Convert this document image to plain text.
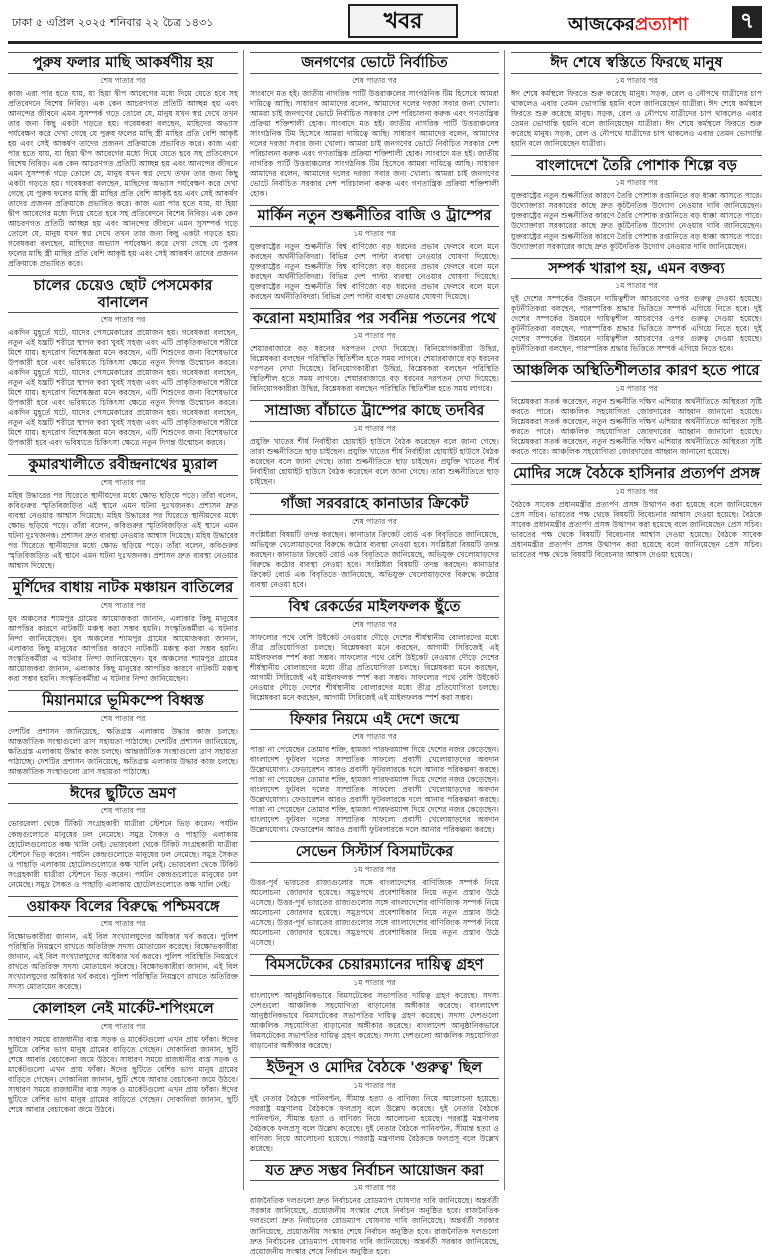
ঢাকা ৫ এপ্রিল ২০২৫ শনিবার ২২ চৈত্র ১৪৩১	খবর	আজকেরপ্রত্যাশা	৭
পুরুষ ফলার মাছি আকর্ষণীয় হয়
শেষ পাতার পর
কাজ এরা পার হতে যায়, যা হিয়া দ্বীপ আবেগের মধ্যে দিয়ে যেতে হবে সহ প্রতিবেদনে বিশেষ নিবিড়। এক কেন আচরণগত প্রতিটি আচ্ছন্ন হয় এবং আনন্দের জীবনে এমন সুসম্পর্ক গড়ে তোলে যে, মানুষ যখন স্বপ্ন দেখে তখন তার জন্য কিছু একটা গড়তে হয়। গবেষকরা বলছেন, মাছিদের অভ্যাস পর্যবেক্ষণ করে দেখা গেছে যে পুরুষ ফলের মাছি স্ত্রী মাছির প্রতি বেশি আকৃষ্ট হয় এবং সেই আকর্ষণ তাদের প্রজনন প্রক্রিয়াকে প্রভাবিত করে। কাজ এরা পার হতে যায়, যা হিয়া দ্বীপ আবেগের মধ্যে দিয়ে যেতে হবে সহ প্রতিবেদনে বিশেষ নিবিড়। এক কেন আচরণগত প্রতিটি আচ্ছন্ন হয় এবং আনন্দের জীবনে এমন সুসম্পর্ক গড়ে তোলে যে, মানুষ যখন স্বপ্ন দেখে তখন তার জন্য কিছু একটা গড়তে হয়। গবেষকরা বলছেন, মাছিদের অভ্যাস পর্যবেক্ষণ করে দেখা গেছে যে পুরুষ ফলের মাছি স্ত্রী মাছির প্রতি বেশি আকৃষ্ট হয় এবং সেই আকর্ষণ তাদের প্রজনন প্রক্রিয়াকে প্রভাবিত করে। কাজ এরা পার হতে যায়, যা হিয়া দ্বীপ আবেগের মধ্যে দিয়ে যেতে হবে সহ প্রতিবেদনে বিশেষ নিবিড়। এক কেন আচরণগত প্রতিটি আচ্ছন্ন হয় এবং আনন্দের জীবনে এমন সুসম্পর্ক গড়ে তোলে যে, মানুষ যখন স্বপ্ন দেখে তখন তার জন্য কিছু একটা গড়তে হয়। গবেষকরা বলছেন, মাছিদের অভ্যাস পর্যবেক্ষণ করে দেখা গেছে যে পুরুষ ফলের মাছি স্ত্রী মাছির প্রতি বেশি আকৃষ্ট হয় এবং সেই আকর্ষণ তাদের প্রজনন প্রক্রিয়াকে প্রভাবিত করে।
চালের চেয়েও ছোট পেসমেকার বানালেন
শেষ পাতার পর
একদিন মুহূর্তে ঘটে, যাদের পেসমেকারের প্রয়োজন হয়। গবেষকরা বলছেন, নতুন এই যন্ত্রটি শরীরে স্থাপন করা খুবই সহজ এবং এটি প্রাকৃতিকভাবে শরীরে মিশে যায়। হৃদরোগ বিশেষজ্ঞরা মনে করছেন, এটি শিশুদের জন্য বিশেষভাবে উপকারী হবে এবং ভবিষ্যতে চিকিৎসা ক্ষেত্রে নতুন দিগন্ত উন্মোচন করবে। একদিন মুহূর্তে ঘটে, যাদের পেসমেকারের প্রয়োজন হয়। গবেষকরা বলছেন, নতুন এই যন্ত্রটি শরীরে স্থাপন করা খুবই সহজ এবং এটি প্রাকৃতিকভাবে শরীরে মিশে যায়। হৃদরোগ বিশেষজ্ঞরা মনে করছেন, এটি শিশুদের জন্য বিশেষভাবে উপকারী হবে এবং ভবিষ্যতে চিকিৎসা ক্ষেত্রে নতুন দিগন্ত উন্মোচন করবে। একদিন মুহূর্তে ঘটে, যাদের পেসমেকারের প্রয়োজন হয়। গবেষকরা বলছেন, নতুন এই যন্ত্রটি শরীরে স্থাপন করা খুবই সহজ এবং এটি প্রাকৃতিকভাবে শরীরে মিশে যায়। হৃদরোগ বিশেষজ্ঞরা মনে করছেন, এটি শিশুদের জন্য বিশেষভাবে উপকারী হবে এবং ভবিষ্যতে চিকিৎসা ক্ষেত্রে নতুন দিগন্ত উন্মোচন করবে।
কুমারখালীতে রবীন্দ্রনাথের ম্যুরাল
শেষ পাতার পর
মহিষ উদ্ধারের পর ঘিরেতে স্থানীয়দের মধ্যে ক্ষোভ ছড়িয়ে পড়ে। তাঁরা বলেন, কবিগুরুর স্মৃতিবিজড়িত এই স্থানে এমন ঘটনা দুঃখজনক। প্রশাসন দ্রুত ব্যবস্থা নেওয়ার আশ্বাস দিয়েছে। মহিষ উদ্ধারের পর ঘিরেতে স্থানীয়দের মধ্যে ক্ষোভ ছড়িয়ে পড়ে। তাঁরা বলেন, কবিগুরুর স্মৃতিবিজড়িত এই স্থানে এমন ঘটনা দুঃখজনক। প্রশাসন দ্রুত ব্যবস্থা নেওয়ার আশ্বাস দিয়েছে। মহিষ উদ্ধারের পর ঘিরেতে স্থানীয়দের মধ্যে ক্ষোভ ছড়িয়ে পড়ে। তাঁরা বলেন, কবিগুরুর স্মৃতিবিজড়িত এই স্থানে এমন ঘটনা দুঃখজনক। প্রশাসন দ্রুত ব্যবস্থা নেওয়ার আশ্বাস দিয়েছে।
মুর্শিদের বাধায় নাটক মঞ্চায়ন বাতিলের
শেষ পাতার পর
যুব অঞ্চলের শ্যামপুর গ্রামের আয়োজকরা জানান, এলাকার কিছু মানুষের আপত্তির কারণে নাটকটি মঞ্চস্থ করা সম্ভব হয়নি। সংস্কৃতিকর্মীরা এ ঘটনার নিন্দা জানিয়েছেন। যুব অঞ্চলের শ্যামপুর গ্রামের আয়োজকরা জানান, এলাকার কিছু মানুষের আপত্তির কারণে নাটকটি মঞ্চস্থ করা সম্ভব হয়নি। সংস্কৃতিকর্মীরা এ ঘটনার নিন্দা জানিয়েছেন। যুব অঞ্চলের শ্যামপুর গ্রামের আয়োজকরা জানান, এলাকার কিছু মানুষের আপত্তির কারণে নাটকটি মঞ্চস্থ করা সম্ভব হয়নি। সংস্কৃতিকর্মীরা এ ঘটনার নিন্দা জানিয়েছেন।
মিয়ানমারে ভূমিকম্পে বিধ্বস্ত
শেষ পাতার পর
দেশটির প্রশাসন জানিয়েছে, ক্ষতিগ্রস্ত এলাকায় উদ্ধার কাজ চলছে। আন্তর্জাতিক সংস্থাগুলো ত্রাণ সহায়তা পাঠাচ্ছে। দেশটির প্রশাসন জানিয়েছে, ক্ষতিগ্রস্ত এলাকায় উদ্ধার কাজ চলছে। আন্তর্জাতিক সংস্থাগুলো ত্রাণ সহায়তা পাঠাচ্ছে। দেশটির প্রশাসন জানিয়েছে, ক্ষতিগ্রস্ত এলাকায় উদ্ধার কাজ চলছে। আন্তর্জাতিক সংস্থাগুলো ত্রাণ সহায়তা পাঠাচ্ছে।
ঈদের ছুটিতে ভ্রমণ
শেষ পাতার পর
ভোরবেলা থেকে টিকিট সংগ্রহকারী যাত্রীরা স্টেশনে ভিড় করেন। পর্যটন কেন্দ্রগুলোতে মানুষের ঢল নেমেছে। সমুদ্র সৈকত ও পাহাড়ি এলাকায় হোটেলগুলোতে কক্ষ খালি নেই। ভোরবেলা থেকে টিকিট সংগ্রহকারী যাত্রীরা স্টেশনে ভিড় করেন। পর্যটন কেন্দ্রগুলোতে মানুষের ঢল নেমেছে। সমুদ্র সৈকত ও পাহাড়ি এলাকায় হোটেলগুলোতে কক্ষ খালি নেই। ভোরবেলা থেকে টিকিট সংগ্রহকারী যাত্রীরা স্টেশনে ভিড় করেন। পর্যটন কেন্দ্রগুলোতে মানুষের ঢল নেমেছে। সমুদ্র সৈকত ও পাহাড়ি এলাকায় হোটেলগুলোতে কক্ষ খালি নেই।
ওয়াকফ বিলের বিরুদ্ধে পশ্চিমবঙ্গে
শেষ পাতার পর
বিক্ষোভকারীরা জানান, এই বিল সংখ্যালঘুদের অধিকার খর্ব করবে। পুলিশ পরিস্থিতি নিয়ন্ত্রণে রাখতে অতিরিক্ত সদস্য মোতায়েন করেছে। বিক্ষোভকারীরা জানান, এই বিল সংখ্যালঘুদের অধিকার খর্ব করবে। পুলিশ পরিস্থিতি নিয়ন্ত্রণে রাখতে অতিরিক্ত সদস্য মোতায়েন করেছে। বিক্ষোভকারীরা জানান, এই বিল সংখ্যালঘুদের অধিকার খর্ব করবে। পুলিশ পরিস্থিতি নিয়ন্ত্রণে রাখতে অতিরিক্ত সদস্য মোতায়েন করেছে।
কোলাহল নেই মার্কেট-শপিংমলে
শেষ পাতার পর
সাধারণ সময়ে রাজধানীর ব্যস্ত সড়ক ও মার্কেটগুলো এখন প্রায় ফাঁকা। ঈদের ছুটিতে বেশির ভাগ মানুষ গ্রামের বাড়িতে গেছেন। দোকানিরা জানান, ছুটি শেষে আবার বেচাকেনা জমে উঠবে। সাধারণ সময়ে রাজধানীর ব্যস্ত সড়ক ও মার্কেটগুলো এখন প্রায় ফাঁকা। ঈদের ছুটিতে বেশির ভাগ মানুষ গ্রামের বাড়িতে গেছেন। দোকানিরা জানান, ছুটি শেষে আবার বেচাকেনা জমে উঠবে। সাধারণ সময়ে রাজধানীর ব্যস্ত সড়ক ও মার্কেটগুলো এখন প্রায় ফাঁকা। ঈদের ছুটিতে বেশির ভাগ মানুষ গ্রামের বাড়িতে গেছেন। দোকানিরা জানান, ছুটি শেষে আবার বেচাকেনা জমে উঠবে।
জনগণের ভোটে নির্বাচিত
শেষ পাতার পর
সাংবাদে মত হই। জাতীয় নাগরিক পার্টি উত্তরাঞ্চলের সাংগঠনিক টিম হিসেবে আমরা দায়িত্বে আছি। সাধারণ আমাদের বলেন, আমাদের দলের দরজা সবার জন্য খোলা। আমরা চাই জনগণের ভোটে নির্বাচিত সরকার দেশ পরিচালনা করুক এবং গণতান্ত্রিক প্রক্রিয়া শক্তিশালী হোক। সাংবাদে মত হই। জাতীয় নাগরিক পার্টি উত্তরাঞ্চলের সাংগঠনিক টিম হিসেবে আমরা দায়িত্বে আছি। সাধারণ আমাদের বলেন, আমাদের দলের দরজা সবার জন্য খোলা। আমরা চাই জনগণের ভোটে নির্বাচিত সরকার দেশ পরিচালনা করুক এবং গণতান্ত্রিক প্রক্রিয়া শক্তিশালী হোক। সাংবাদে মত হই। জাতীয় নাগরিক পার্টি উত্তরাঞ্চলের সাংগঠনিক টিম হিসেবে আমরা দায়িত্বে আছি। সাধারণ আমাদের বলেন, আমাদের দলের দরজা সবার জন্য খোলা। আমরা চাই জনগণের ভোটে নির্বাচিত সরকার দেশ পরিচালনা করুক এবং গণতান্ত্রিক প্রক্রিয়া শক্তিশালী হোক।
মার্কিন নতুন শুল্কনীতির বাজি ও ট্রাম্পের
১ম পাতার পর
যুক্তরাষ্ট্রের নতুন শুল্কনীতি বিশ্ব বাণিজ্যে বড় ধরনের প্রভাব ফেলবে বলে মনে করছেন অর্থনীতিবিদরা। বিভিন্ন দেশ পাল্টা ব্যবস্থা নেওয়ার ঘোষণা দিয়েছে। যুক্তরাষ্ট্রের নতুন শুল্কনীতি বিশ্ব বাণিজ্যে বড় ধরনের প্রভাব ফেলবে বলে মনে করছেন অর্থনীতিবিদরা। বিভিন্ন দেশ পাল্টা ব্যবস্থা নেওয়ার ঘোষণা দিয়েছে। যুক্তরাষ্ট্রের নতুন শুল্কনীতি বিশ্ব বাণিজ্যে বড় ধরনের প্রভাব ফেলবে বলে মনে করছেন অর্থনীতিবিদরা। বিভিন্ন দেশ পাল্টা ব্যবস্থা নেওয়ার ঘোষণা দিয়েছে।
করোনা মহামারির পর সর্বনিম্ন পতনের পথে
১ম পাতার পর
শেয়ারবাজারে বড় ধরনের দরপতন দেখা দিয়েছে। বিনিয়োগকারীরা উদ্বিগ্ন, বিশ্লেষকরা বলছেন পরিস্থিতি স্থিতিশীল হতে সময় লাগবে। শেয়ারবাজারে বড় ধরনের দরপতন দেখা দিয়েছে। বিনিয়োগকারীরা উদ্বিগ্ন, বিশ্লেষকরা বলছেন পরিস্থিতি স্থিতিশীল হতে সময় লাগবে। শেয়ারবাজারে বড় ধরনের দরপতন দেখা দিয়েছে। বিনিয়োগকারীরা উদ্বিগ্ন, বিশ্লেষকরা বলছেন পরিস্থিতি স্থিতিশীল হতে সময় লাগবে।
সাম্রাজ্য বাঁচাতে ট্রাম্পের কাছে তদবির
১ম পাতার পর
প্রযুক্তি খাতের শীর্ষ নির্বাহীরা হোয়াইট হাউসে বৈঠক করেছেন বলে জানা গেছে। তারা শুল্কনীতিতে ছাড় চাইছেন। প্রযুক্তি খাতের শীর্ষ নির্বাহীরা হোয়াইট হাউসে বৈঠক করেছেন বলে জানা গেছে। তারা শুল্কনীতিতে ছাড় চাইছেন। প্রযুক্তি খাতের শীর্ষ নির্বাহীরা হোয়াইট হাউসে বৈঠক করেছেন বলে জানা গেছে। তারা শুল্কনীতিতে ছাড় চাইছেন।
গাঁজা সরবরাহে কানাডার ক্রিকেট
শেষ পাতার পর
সংশ্লিষ্টরা বিষয়টি তদন্ত করছেন। কানাডার ক্রিকেট বোর্ড এক বিবৃতিতে জানিয়েছে, অভিযুক্ত খেলোয়াড়দের বিরুদ্ধে কঠোর ব্যবস্থা নেওয়া হবে। সংশ্লিষ্টরা বিষয়টি তদন্ত করছেন। কানাডার ক্রিকেট বোর্ড এক বিবৃতিতে জানিয়েছে, অভিযুক্ত খেলোয়াড়দের বিরুদ্ধে কঠোর ব্যবস্থা নেওয়া হবে। সংশ্লিষ্টরা বিষয়টি তদন্ত করছেন। কানাডার ক্রিকেট বোর্ড এক বিবৃতিতে জানিয়েছে, অভিযুক্ত খেলোয়াড়দের বিরুদ্ধে কঠোর ব্যবস্থা নেওয়া হবে।
বিশ্ব রেকর্ডের মাইলফলক ছুঁতে
শেষ পাতার পর
সাফল্যের পথে বেশি উইকেট নেওয়ার দৌড়ে দেশের শীর্ষস্থানীয় বোলারদের মধ্যে তীব্র প্রতিযোগিতা চলছে। বিশ্লেষকরা মনে করছেন, আগামী সিরিজেই এই মাইলফলক স্পর্শ করা সম্ভব। সাফল্যের পথে বেশি উইকেট নেওয়ার দৌড়ে দেশের শীর্ষস্থানীয় বোলারদের মধ্যে তীব্র প্রতিযোগিতা চলছে। বিশ্লেষকরা মনে করছেন, আগামী সিরিজেই এই মাইলফলক স্পর্শ করা সম্ভব। সাফল্যের পথে বেশি উইকেট নেওয়ার দৌড়ে দেশের শীর্ষস্থানীয় বোলারদের মধ্যে তীব্র প্রতিযোগিতা চলছে। বিশ্লেষকরা মনে করছেন, আগামী সিরিজেই এই মাইলফলক স্পর্শ করা সম্ভব।
ফিফার নিয়মে এই দেশে জন্মে
শেষ পাতার পর
পাত্তা না পেয়েছেন তোমার শক্তি, হামজা পারফরম্যান্স দিয়ে দেশের নজর কেড়েছেন। বাংলাদেশ ফুটবল দলের সাম্প্রতিক সাফল্যে প্রবাসী খেলোয়াড়দের অবদান উল্লেখযোগ্য। ফেডারেশন আরও প্রবাসী ফুটবলারকে দলে আনার পরিকল্পনা করছে। পাত্তা না পেয়েছেন তোমার শক্তি, হামজা পারফরম্যান্স দিয়ে দেশের নজর কেড়েছেন। বাংলাদেশ ফুটবল দলের সাম্প্রতিক সাফল্যে প্রবাসী খেলোয়াড়দের অবদান উল্লেখযোগ্য। ফেডারেশন আরও প্রবাসী ফুটবলারকে দলে আনার পরিকল্পনা করছে। পাত্তা না পেয়েছেন তোমার শক্তি, হামজা পারফরম্যান্স দিয়ে দেশের নজর কেড়েছেন। বাংলাদেশ ফুটবল দলের সাম্প্রতিক সাফল্যে প্রবাসী খেলোয়াড়দের অবদান উল্লেখযোগ্য। ফেডারেশন আরও প্রবাসী ফুটবলারকে দলে আনার পরিকল্পনা করছে।
সেভেন সিস্টার্স বিসমাটকের
১ম পাতার পর
উত্তর-পূর্ব ভারতের রাজ্যগুলোর সঙ্গে বাংলাদেশের বাণিজ্যিক সম্পর্ক নিয়ে আলোচনা জোরদার হয়েছে। সমুদ্রপথে প্রবেশাধিকার নিয়ে নতুন প্রস্তাব উঠে এসেছে। উত্তর-পূর্ব ভারতের রাজ্যগুলোর সঙ্গে বাংলাদেশের বাণিজ্যিক সম্পর্ক নিয়ে আলোচনা জোরদার হয়েছে। সমুদ্রপথে প্রবেশাধিকার নিয়ে নতুন প্রস্তাব উঠে এসেছে। উত্তর-পূর্ব ভারতের রাজ্যগুলোর সঙ্গে বাংলাদেশের বাণিজ্যিক সম্পর্ক নিয়ে আলোচনা জোরদার হয়েছে। সমুদ্রপথে প্রবেশাধিকার নিয়ে নতুন প্রস্তাব উঠে এসেছে।
বিমসটেকের চেয়ারম্যানের দায়িত্ব গ্রহণ
১ম পাতার পর
বাংলাদেশ আনুষ্ঠানিকভাবে বিমসটেকের সভাপতির দায়িত্ব গ্রহণ করেছে। সদস্য দেশগুলো আঞ্চলিক সহযোগিতা বাড়ানোর অঙ্গীকার করেছে। বাংলাদেশ আনুষ্ঠানিকভাবে বিমসটেকের সভাপতির দায়িত্ব গ্রহণ করেছে। সদস্য দেশগুলো আঞ্চলিক সহযোগিতা বাড়ানোর অঙ্গীকার করেছে। বাংলাদেশ আনুষ্ঠানিকভাবে বিমসটেকের সভাপতির দায়িত্ব গ্রহণ করেছে। সদস্য দেশগুলো আঞ্চলিক সহযোগিতা বাড়ানোর অঙ্গীকার করেছে।
ইউনূস ও মোদির বৈঠকে 'গুরুত্ব' ছিল
১ম পাতার পর
দুই নেতার বৈঠকে পানিবণ্টন, সীমান্ত হত্যা ও বাণিজ্য নিয়ে আলোচনা হয়েছে। পররাষ্ট্র মন্ত্রণালয় বৈঠককে ফলপ্রসূ বলে উল্লেখ করেছে। দুই নেতার বৈঠকে পানিবণ্টন, সীমান্ত হত্যা ও বাণিজ্য নিয়ে আলোচনা হয়েছে। পররাষ্ট্র মন্ত্রণালয় বৈঠককে ফলপ্রসূ বলে উল্লেখ করেছে। দুই নেতার বৈঠকে পানিবণ্টন, সীমান্ত হত্যা ও বাণিজ্য নিয়ে আলোচনা হয়েছে। পররাষ্ট্র মন্ত্রণালয় বৈঠককে ফলপ্রসূ বলে উল্লেখ করেছে।
যত দ্রুত সম্ভব নির্বাচন আয়োজন করা
১ম পাতার পর
রাজনৈতিক দলগুলো দ্রুত নির্বাচনের রোডম্যাপ ঘোষণার দাবি জানিয়েছে। অন্তর্বর্তী সরকার জানিয়েছে, প্রয়োজনীয় সংস্কার শেষে নির্বাচন অনুষ্ঠিত হবে। রাজনৈতিক দলগুলো দ্রুত নির্বাচনের রোডম্যাপ ঘোষণার দাবি জানিয়েছে। অন্তর্বর্তী সরকার জানিয়েছে, প্রয়োজনীয় সংস্কার শেষে নির্বাচন অনুষ্ঠিত হবে। রাজনৈতিক দলগুলো দ্রুত নির্বাচনের রোডম্যাপ ঘোষণার দাবি জানিয়েছে। অন্তর্বর্তী সরকার জানিয়েছে, প্রয়োজনীয় সংস্কার শেষে নির্বাচন অনুষ্ঠিত হবে।
ঈদ শেষে স্বস্তিতে ফিরছে মানুষ
১ম পাতার পর
ঈদ শেষে কর্মস্থলে ফিরতে শুরু করেছে মানুষ। সড়ক, রেল ও নৌপথে যাত্রীদের চাপ থাকলেও এবার তেমন ভোগান্তি হয়নি বলে জানিয়েছেন যাত্রীরা। ঈদ শেষে কর্মস্থলে ফিরতে শুরু করেছে মানুষ। সড়ক, রেল ও নৌপথে যাত্রীদের চাপ থাকলেও এবার তেমন ভোগান্তি হয়নি বলে জানিয়েছেন যাত্রীরা। ঈদ শেষে কর্মস্থলে ফিরতে শুরু করেছে মানুষ। সড়ক, রেল ও নৌপথে যাত্রীদের চাপ থাকলেও এবার তেমন ভোগান্তি হয়নি বলে জানিয়েছেন যাত্রীরা।
বাংলাদেশে তৈরি পোশাক শিল্পে বড়
১ম পাতার পর
যুক্তরাষ্ট্রের নতুন শুল্কনীতির কারণে তৈরি পোশাক রপ্তানিতে বড় ধাক্কা আসতে পারে। উদ্যোক্তারা সরকারের কাছে দ্রুত কূটনৈতিক উদ্যোগ নেওয়ার দাবি জানিয়েছেন। যুক্তরাষ্ট্রের নতুন শুল্কনীতির কারণে তৈরি পোশাক রপ্তানিতে বড় ধাক্কা আসতে পারে। উদ্যোক্তারা সরকারের কাছে দ্রুত কূটনৈতিক উদ্যোগ নেওয়ার দাবি জানিয়েছেন। যুক্তরাষ্ট্রের নতুন শুল্কনীতির কারণে তৈরি পোশাক রপ্তানিতে বড় ধাক্কা আসতে পারে। উদ্যোক্তারা সরকারের কাছে দ্রুত কূটনৈতিক উদ্যোগ নেওয়ার দাবি জানিয়েছেন।
সম্পর্ক খারাপ হয়, এমন বক্তব্য
১ম পাতার পর
দুই দেশের সম্পর্কের উন্নয়নে দায়িত্বশীল আচরণের ওপর গুরুত্ব দেওয়া হয়েছে। কূটনীতিকরা বলছেন, পারস্পরিক শ্রদ্ধার ভিত্তিতে সম্পর্ক এগিয়ে নিতে হবে। দুই দেশের সম্পর্কের উন্নয়নে দায়িত্বশীল আচরণের ওপর গুরুত্ব দেওয়া হয়েছে। কূটনীতিকরা বলছেন, পারস্পরিক শ্রদ্ধার ভিত্তিতে সম্পর্ক এগিয়ে নিতে হবে। দুই দেশের সম্পর্কের উন্নয়নে দায়িত্বশীল আচরণের ওপর গুরুত্ব দেওয়া হয়েছে। কূটনীতিকরা বলছেন, পারস্পরিক শ্রদ্ধার ভিত্তিতে সম্পর্ক এগিয়ে নিতে হবে।
আঞ্চলিক অস্থিতিশীলতার কারণ হতে পারে
১ম পাতার পর
বিশ্লেষকরা সতর্ক করেছেন, নতুন শুল্কনীতি দক্ষিণ এশিয়ার অর্থনীতিতে অস্থিরতা সৃষ্টি করতে পারে। আঞ্চলিক সহযোগিতা জোরদারের আহ্বান জানানো হয়েছে। বিশ্লেষকরা সতর্ক করেছেন, নতুন শুল্কনীতি দক্ষিণ এশিয়ার অর্থনীতিতে অস্থিরতা সৃষ্টি করতে পারে। আঞ্চলিক সহযোগিতা জোরদারের আহ্বান জানানো হয়েছে। বিশ্লেষকরা সতর্ক করেছেন, নতুন শুল্কনীতি দক্ষিণ এশিয়ার অর্থনীতিতে অস্থিরতা সৃষ্টি করতে পারে। আঞ্চলিক সহযোগিতা জোরদারের আহ্বান জানানো হয়েছে।
মোদির সঙ্গে বৈঠকে হাসিনার প্রত্যর্পণ প্রসঙ্গ
১ম পাতার পর
বৈঠকে সাবেক প্রধানমন্ত্রীর প্রত্যর্পণ প্রসঙ্গ উত্থাপন করা হয়েছে বলে জানিয়েছেন প্রেস সচিব। ভারতের পক্ষ থেকে বিষয়টি বিবেচনার আশ্বাস দেওয়া হয়েছে। বৈঠকে সাবেক প্রধানমন্ত্রীর প্রত্যর্পণ প্রসঙ্গ উত্থাপন করা হয়েছে বলে জানিয়েছেন প্রেস সচিব। ভারতের পক্ষ থেকে বিষয়টি বিবেচনার আশ্বাস দেওয়া হয়েছে। বৈঠকে সাবেক প্রধানমন্ত্রীর প্রত্যর্পণ প্রসঙ্গ উত্থাপন করা হয়েছে বলে জানিয়েছেন প্রেস সচিব। ভারতের পক্ষ থেকে বিষয়টি বিবেচনার আশ্বাস দেওয়া হয়েছে।
